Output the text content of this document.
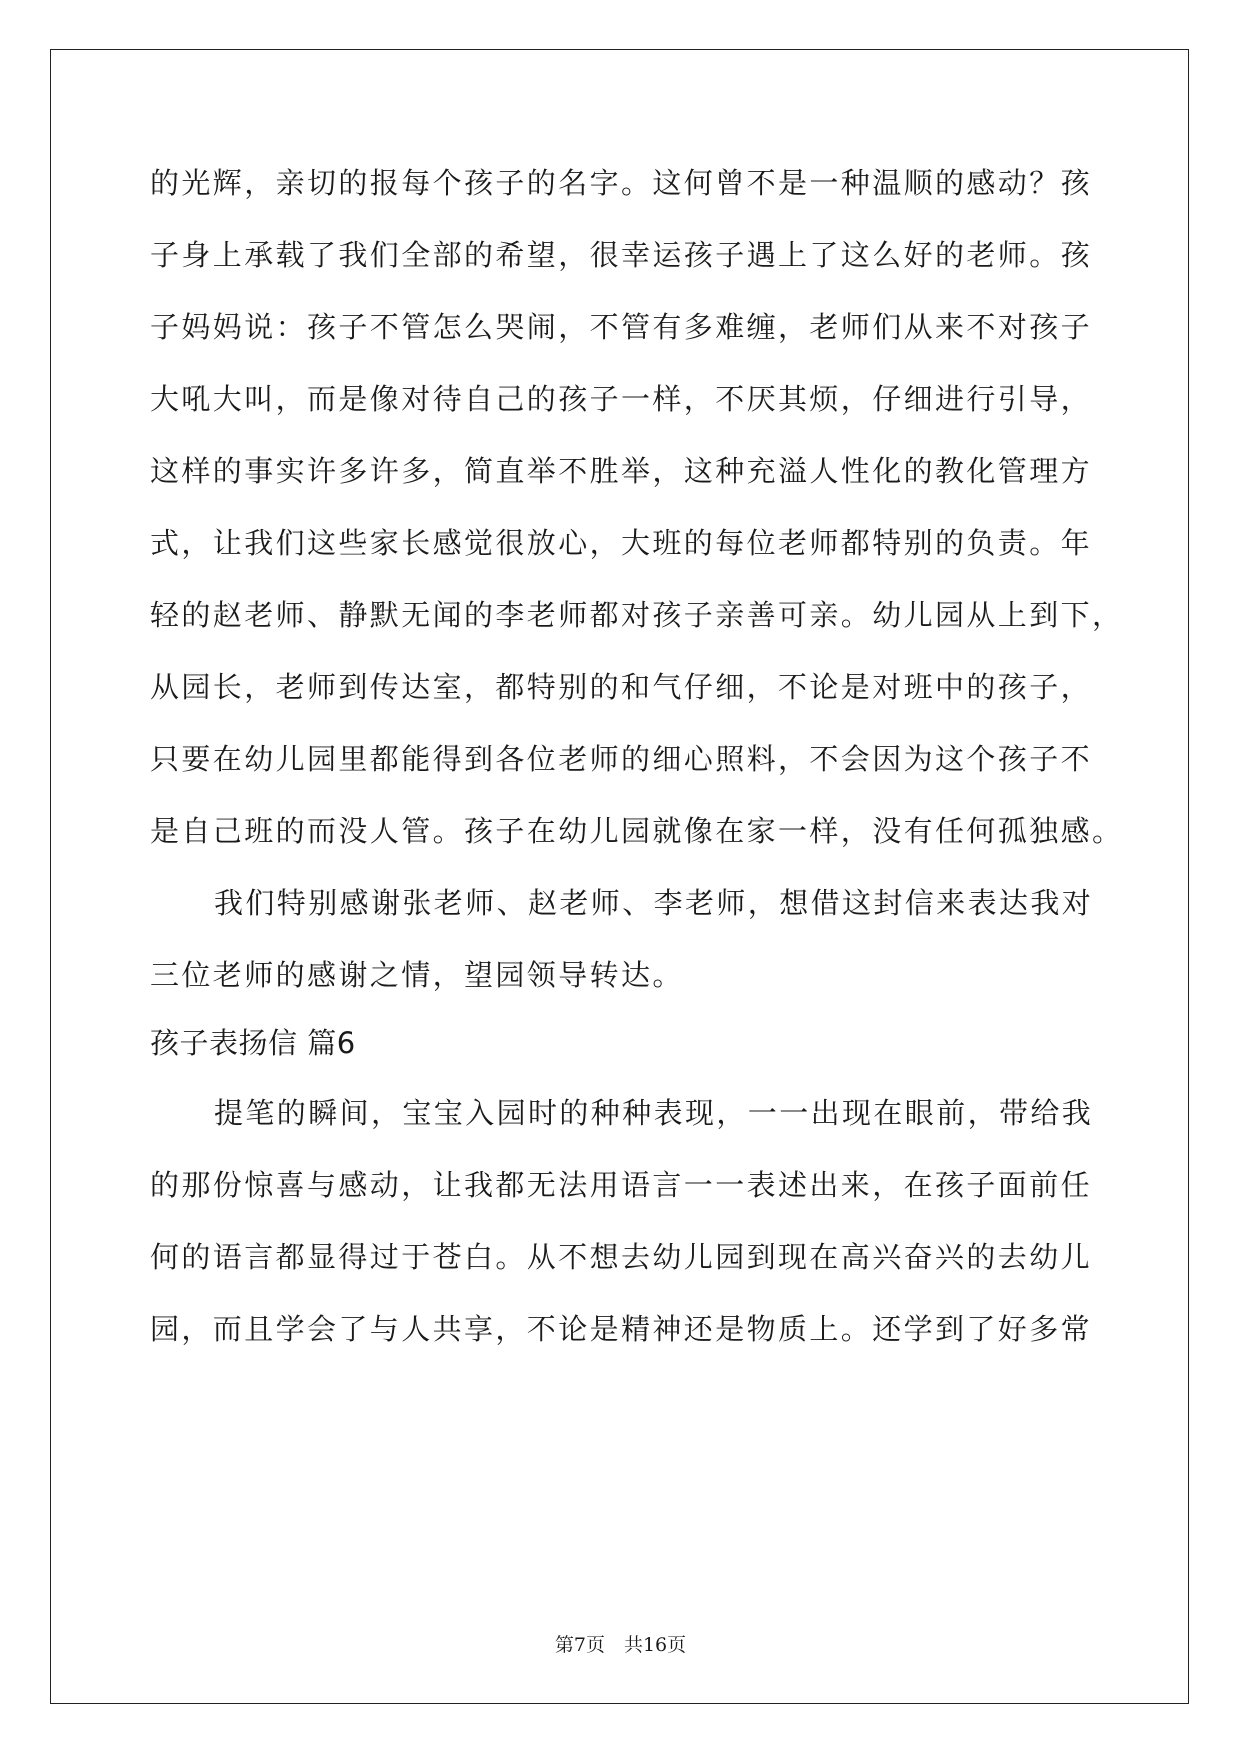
的光辉，亲切的报每个孩子的名字。这何曾不是一种温顺的感动？孩
子身上承载了我们全部的希望，很幸运孩子遇上了这么好的老师。孩
子妈妈说：孩子不管怎么哭闹，不管有多难缠，老师们从来不对孩子
大吼大叫，而是像对待自己的孩子一样，不厌其烦，仔细进行引导，
这样的事实许多许多，简直举不胜举，这种充溢人性化的教化管理方
式，让我们这些家长感觉很放心，大班的每位老师都特别的负责。年
轻的赵老师、静默无闻的李老师都对孩子亲善可亲。幼儿园从上到下，
从园长，老师到传达室，都特别的和气仔细，不论是对班中的孩子，
只要在幼儿园里都能得到各位老师的细心照料，不会因为这个孩子不
是自己班的而没人管。孩子在幼儿园就像在家一样，没有任何孤独感。
我们特别感谢张老师、赵老师、李老师，想借这封信来表达我对
三位老师的感谢之情，望园领导转达。
孩子表扬信 篇6
提笔的瞬间，宝宝入园时的种种表现，一一出现在眼前，带给我
的那份惊喜与感动，让我都无法用语言一一表述出来，在孩子面前任
何的语言都显得过于苍白。从不想去幼儿园到现在高兴奋兴的去幼儿
园，而且学会了与人共享，不论是精神还是物质上。还学到了好多常
第7页　共16页
